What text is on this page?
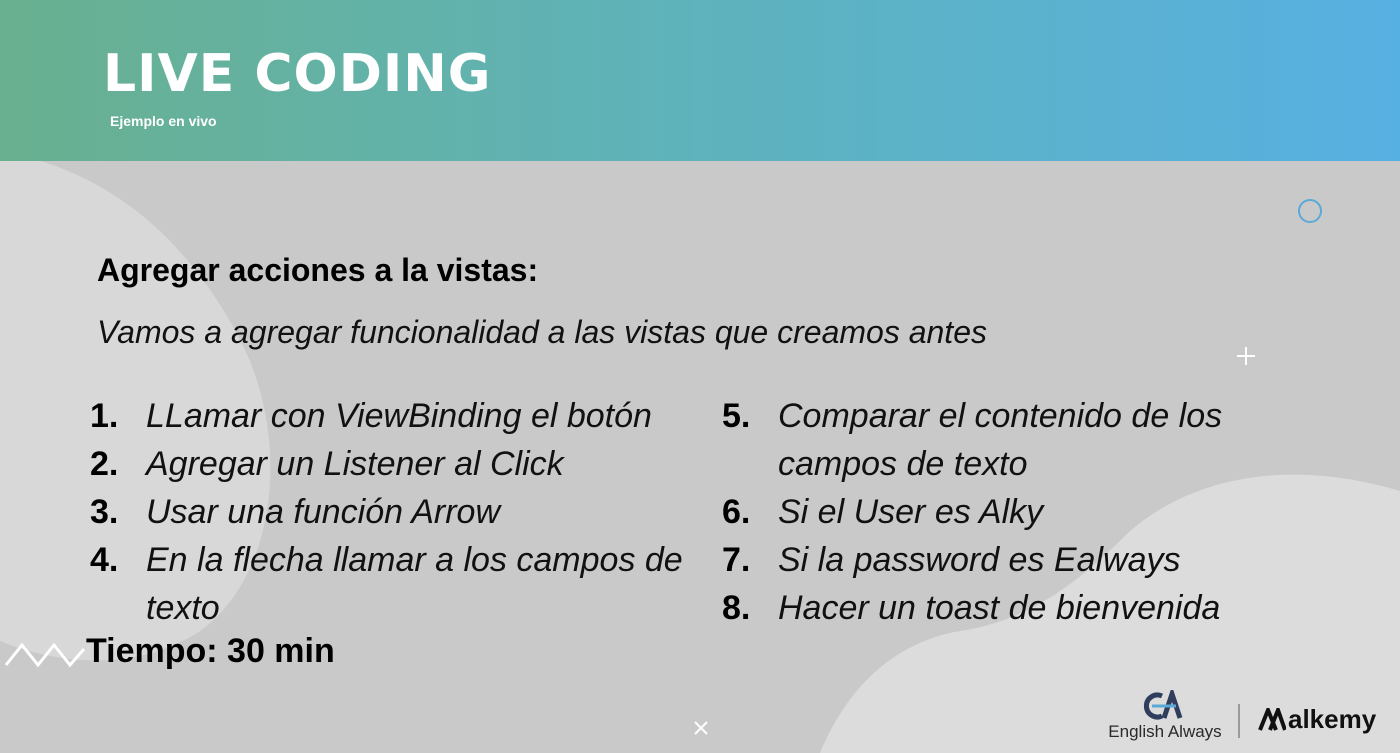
LIVE CODING
Ejemplo en vivo
Agregar acciones a la vistas:
Vamos a agregar funcionalidad a las vistas que creamos antes
1. LLamar con ViewBinding el botón
2. Agregar un Listener al Click
3. Usar una función Arrow
4. En la flecha llamar a los campos de texto
5. Comparar el contenido de los campos de texto
6. Si el User es Alky
7. Si la password es Ealways
8. Hacer un toast de bienvenida
Tiempo: 30 min
English Always	alkemy
